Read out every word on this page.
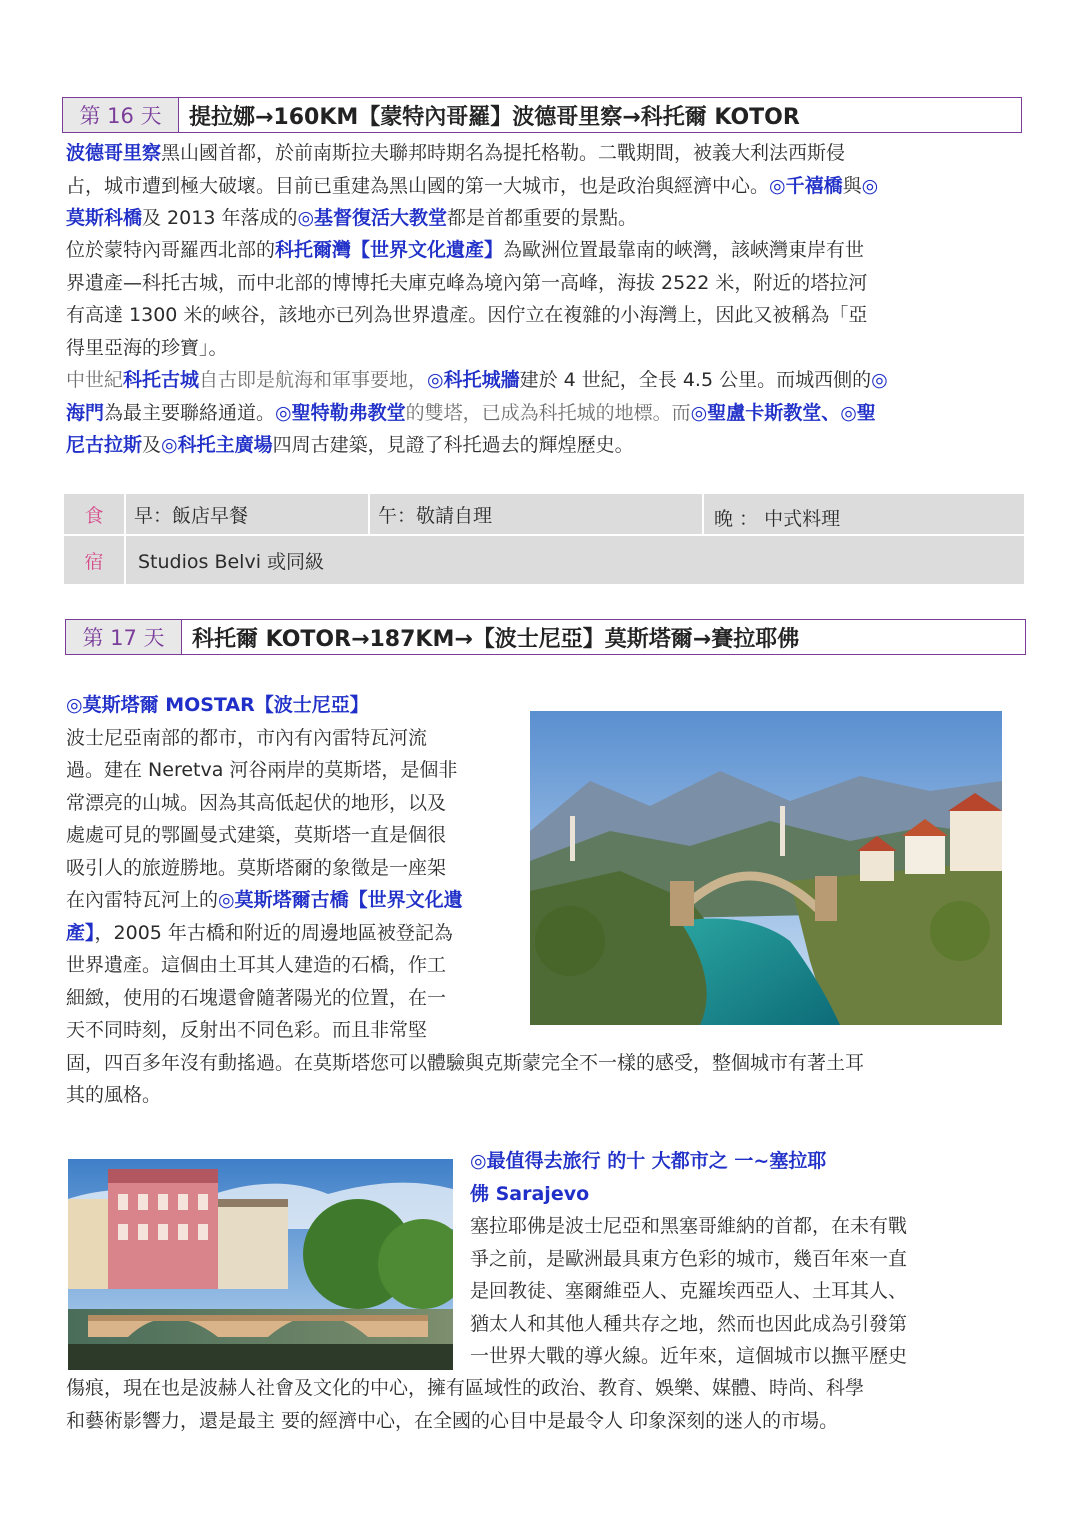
第 16 天	提拉娜→160KM【蒙特內哥羅】波德哥里察→科托爾 KOTOR
波德哥里察黑山國首都，於前南斯拉夫聯邦時期名為提托格勒。二戰期間，被義大利法西斯侵
占，城市遭到極大破壞。目前已重建為黑山國的第一大城市，也是政治與經濟中心。◎千禧橋與◎
莫斯科橋及 2013 年落成的◎基督復活大教堂都是首都重要的景點。
位於蒙特內哥羅西北部的科托爾灣【世界文化遺產】為歐洲位置最靠南的峽灣，該峽灣東岸有世
界遺產—科托古城，而中北部的博博托夫庫克峰為境內第一高峰，海拔 2522 米，附近的塔拉河
有高達 1300 米的峽谷，該地亦已列為世界遺產。因佇立在複雜的小海灣上，因此又被稱為「亞
得里亞海的珍寶」。
中世紀科托古城自古即是航海和軍事要地，◎科托城牆建於 4 世紀，全長 4.5 公里。而城西側的◎
海門為最主要聯絡通道。◎聖特勒弗教堂的雙塔，已成為科托城的地標。而◎聖盧卡斯教堂、◎聖
尼古拉斯及◎科托主廣場四周古建築，見證了科托過去的輝煌歷史。
食	早：飯店早餐	午：敬請自理	晚 ： 中式料理
宿	Studios Belvi 或同級
第 17 天	科托爾 KOTOR→187KM→【波士尼亞】莫斯塔爾→賽拉耶佛
◎莫斯塔爾 MOSTAR【波士尼亞】
波士尼亞南部的都市，市內有內雷特瓦河流
過。建在 Neretva 河谷兩岸的莫斯塔，是個非
常漂亮的山城。因為其高低起伏的地形，以及
處處可見的鄂圖曼式建築，莫斯塔一直是個很
吸引人的旅遊勝地。莫斯塔爾的象徵是一座架
在內雷特瓦河上的◎莫斯塔爾古橋【世界文化遺
產】，2005 年古橋和附近的周邊地區被登記為
世界遺產。這個由土耳其人建造的石橋，作工
細緻，使用的石塊還會隨著陽光的位置，在一
天不同時刻，反射出不同色彩。而且非常堅
固，四百多年沒有動搖過。在莫斯塔您可以體驗與克斯蒙完全不一樣的感受，整個城市有著土耳
其的風格。
◎最值得去旅行 的十 大都市之 一~塞拉耶
佛 Sarajevo
塞拉耶佛是波士尼亞和黑塞哥維納的首都，在未有戰
爭之前，是歐洲最具東方色彩的城市，幾百年來一直
是回教徒、塞爾維亞人、克羅埃西亞人、土耳其人、
猶太人和其他人種共存之地，然而也因此成為引發第
一世界大戰的導火線。近年來，這個城市以撫平歷史
傷痕，現在也是波赫人社會及文化的中心，擁有區域性的政治、教育、娛樂、媒體、時尚、科學
和藝術影響力，還是最主 要的經濟中心，在全國的心目中是最令人 印象深刻的迷人的市場。
